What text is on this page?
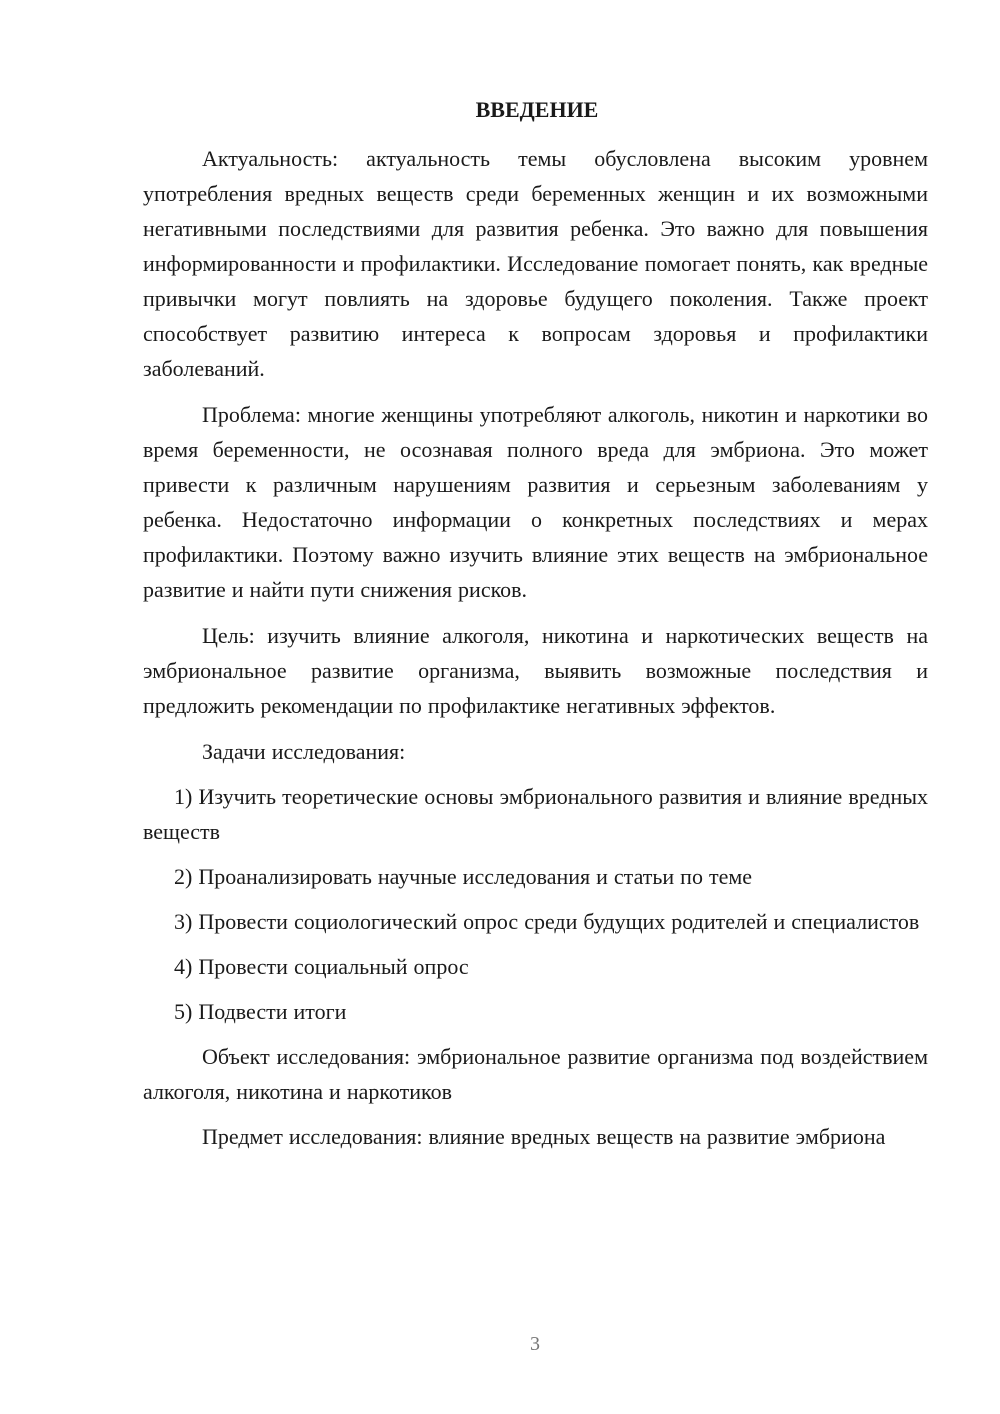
ВВЕДЕНИЕ

Актуальность: актуальность темы обусловлена высоким уровнем употребления вредных веществ среди беременных женщин и их возможными негативными последствиями для развития ребенка. Это важно для повышения информированности и профилактики. Исследование помогает понять, как вредные привычки могут повлиять на здоровье будущего поколения. Также проект способствует развитию интереса к вопросам здоровья и профилактики заболеваний.

Проблема: многие женщины употребляют алкоголь, никотин и наркотики во время беременности, не осознавая полного вреда для эмбриона. Это может привести к различным нарушениям развития и серьезным заболеваниям у ребенка. Недостаточно информации о конкретных последствиях и мерах профилактики. Поэтому важно изучить влияние этих веществ на эмбриональное развитие и найти пути снижения рисков.

Цель: изучить влияние алкоголя, никотина и наркотических веществ на эмбриональное развитие организма, выявить возможные последствия и предложить рекомендации по профилактике негативных эффектов.

Задачи исследования:

1) Изучить теоретические основы эмбрионального развития и влияние вредных веществ

2) Проанализировать научные исследования и статьи по теме

3) Провести социологический опрос среди будущих родителей и специалистов

4) Провести социальный опрос

5) Подвести итоги

Объект исследования: эмбриональное развитие организма под воздействием алкоголя, никотина и наркотиков

Предмет исследования: влияние вредных веществ на развитие эмбриона

3
